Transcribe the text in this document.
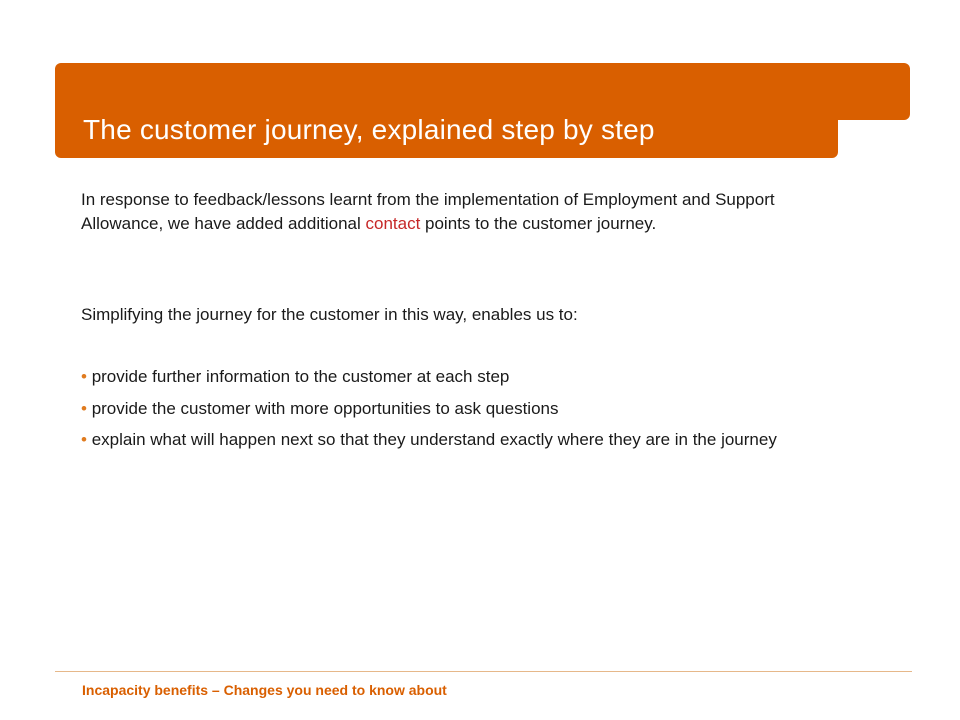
The customer journey, explained step by step
In response to feedback/lessons learnt from the implementation of Employment and Support Allowance, we have added additional contact points to the customer journey.
Simplifying the journey for the customer in this way, enables us to:
• provide further information to the customer at each step
• provide the customer with more opportunities to ask questions
• explain what will happen next so that they understand exactly where they are in the journey
Incapacity benefits – Changes you need to know about
